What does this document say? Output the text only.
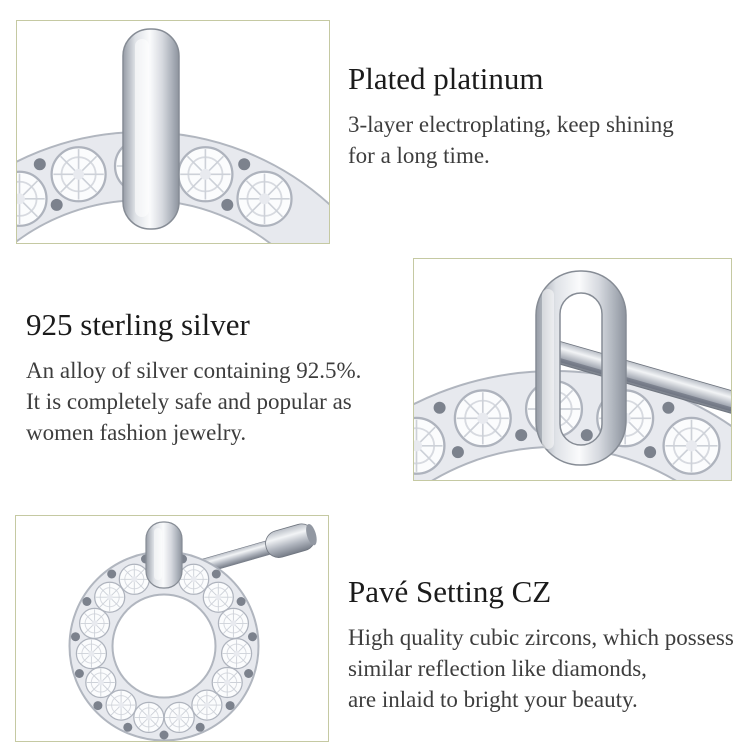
Plated platinum
3-layer electroplating, keep shining
for a long time.
925 sterling silver
An alloy of silver containing 92.5%.
It is completely safe and popular as
women fashion jewelry.
Pavé Setting CZ
High quality cubic zircons, which possess
similar reflection like diamonds,
are inlaid to bright your beauty.
